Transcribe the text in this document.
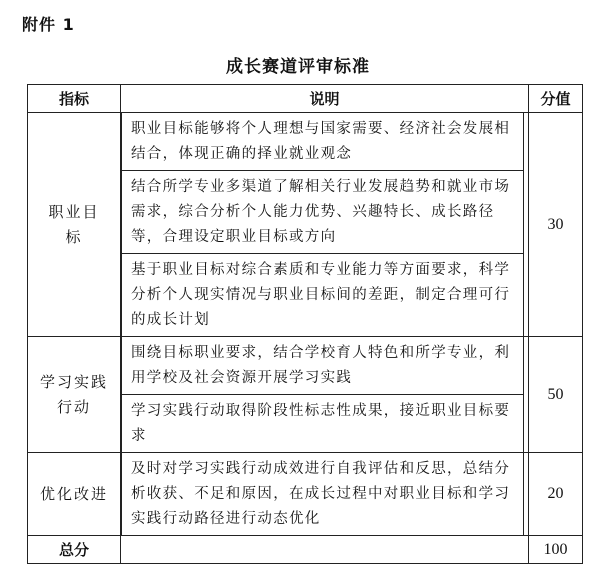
附件 1
成长赛道评审标准
指标	说明	分值

职业目标	职业目标能够将个人理想与国家需要、经济社会发展相结合，体现正确的择业就业观念
结合所学专业多渠道了解相关行业发展趋势和就业市场需求，综合分析个人能力优势、兴趣特长、成长路径等，合理设定职业目标或方向
基于职业目标对综合素质和专业能力等方面要求，科学分析个人现实情况与职业目标间的差距，制定合理可行的成长计划	30

学习实践行动	围绕目标职业要求，结合学校育人特色和所学专业，利用学校及社会资源开展学习实践
学习实践行动取得阶段性标志性成果，接近职业目标要求	50

优化改进	及时对学习实践行动成效进行自我评估和反思，总结分析收获、不足和原因，在成长过程中对职业目标和学习实践行动路径进行动态优化	20
总分		100
